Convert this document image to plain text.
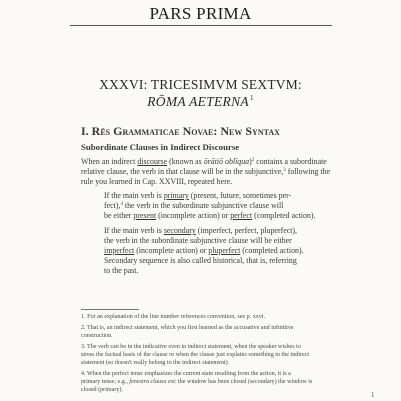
PARS PRIMA
XXXVI: TRICESIMVM SEXTVM:
RŌMA AETERNA$^1$
I. Rēs Grammaticae Novae: New Syntax
Subordinate Clauses in Indirect Discourse
When an indirect discourse (known as ōrātiō oblīqua)$^2$ contains a subordinate
relative clause, the verb in that clause will be in the subjunctive,$^3$ following the
rule you learned in Cap. XXVIII, repeated here.
If the main verb is primary (present, future, sometimes per-
fect),$^4$ the verb in the subordinate subjunctive clause will
be either present (incomplete action) or perfect (completed action).
If the main verb is secondary (imperfect, perfect, pluperfect),
the verb in the subordinate subjunctive clause will be either
imperfect (incomplete action) or pluperfect (completed action).
Secondary sequence is also called historical, that is, referring
to the past.
1. For an explanation of the line number references convention, see p. xxvi.
2. That is, an indirect statement, which you first learned as the accusative and infinitive
construction.
3. The verb can be in the indicative even in indirect statement, when the speaker wishes to
stress the factual basis of the clause or when the clause just explains something in the indirect
statement (so doesn't really belong to the indirect statement).
4. When the perfect tense emphasizes the current state resulting from the action, it is a
primary tense; e.g., fenestra clausa est: the window has been closed (secondary) the window is
closed (primary).
1
